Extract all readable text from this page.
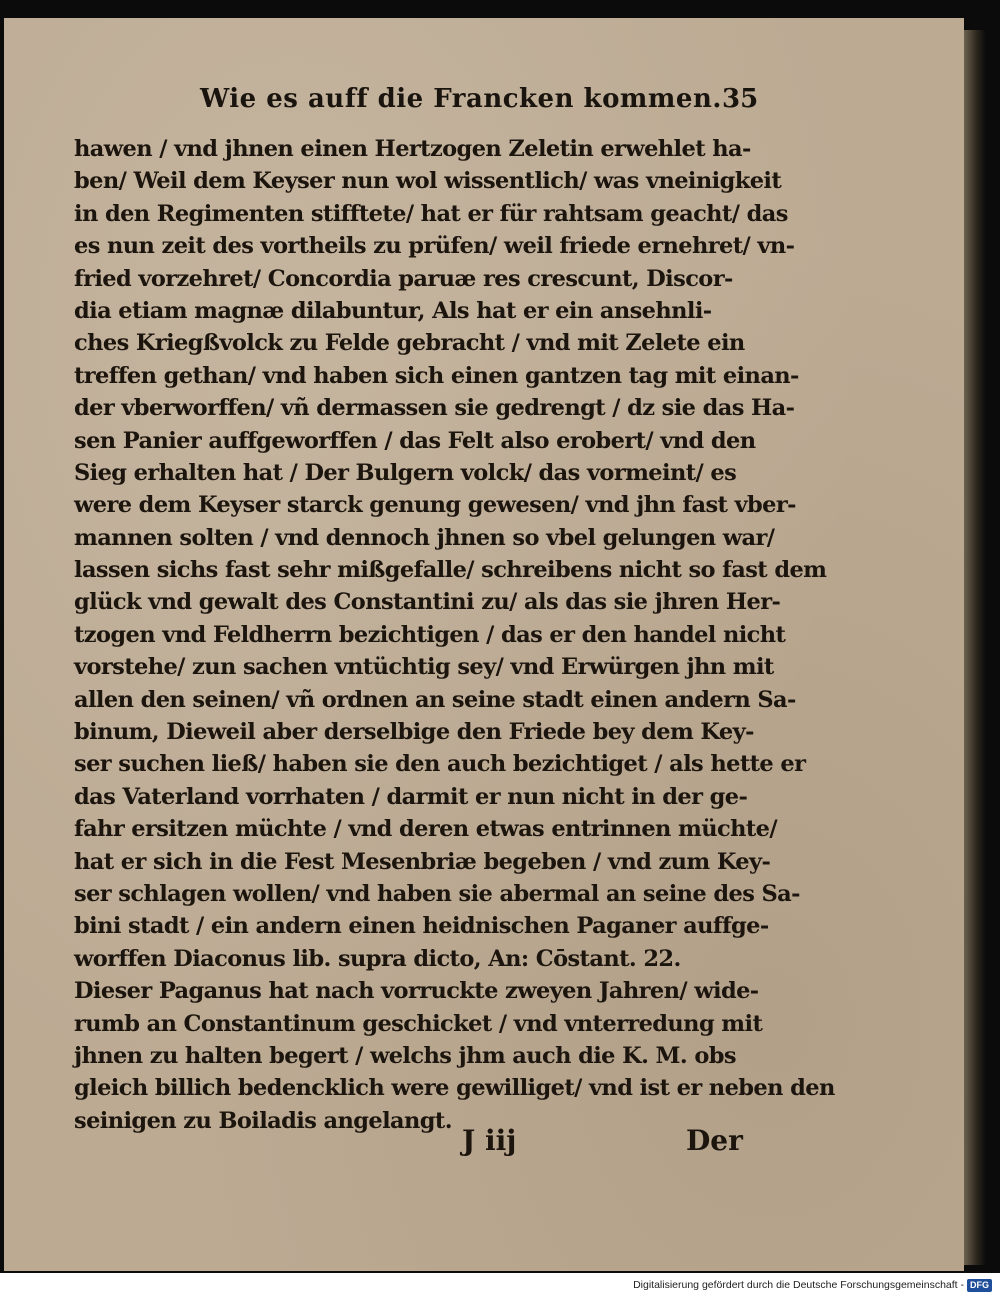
Wie es auff die Francken kommen. 35
hawen / vnd jhnen einen Hertzogen Zeletin erwehlet ha-
ben/ Weil dem Keyser nun wol wissentlich/ was vneinigkeit
in den Regimenten stifftete/ hat er für rahtsam geacht/ das
es nun zeit des vortheils zu prüfen/ weil friede ernehret/ vn-
fried vorzehret/ Concordia paruæ res crescunt, Discor-
dia etiam magnæ dilabuntur, Als hat er ein ansehnli-
ches Kriegßvolck zu Felde gebracht / vnd mit Zelete ein
treffen gethan/ vnd haben sich einen gantzen tag mit einan-
der vberworffen/ vñ dermassen sie gedrengt / dz sie das Ha-
sen Panier auffgeworffen / das Felt also erobert/ vnd den
Sieg erhalten hat / Der Bulgern volck/ das vormeint/ es
were dem Keyser starck genung gewesen/ vnd jhn fast vber-
mannen solten / vnd dennoch jhnen so vbel gelungen war/
lassen sichs fast sehr mißgefalle/ schreibens nicht so fast dem
glück vnd gewalt des Constantini zu/ als das sie jhren Her-
tzogen vnd Feldherrn bezichtigen / das er den handel nicht
vorstehe/ zun sachen vntüchtig sey/ vnd Erwürgen jhn mit
allen den seinen/ vñ ordnen an seine stadt einen andern Sa-
binum, Dieweil aber derselbige den Friede bey dem Key-
ser suchen ließ/ haben sie den auch bezichtiget / als hette er
das Vaterland vorrhaten / darmit er nun nicht in der ge-
fahr ersitzen müchte / vnd deren etwas entrinnen müchte/
hat er sich in die Fest Mesenbriæ begeben / vnd zum Key-
ser schlagen wollen/ vnd haben sie abermal an seine des Sa-
bini stadt / ein andern einen heidnischen Paganer auffge-
worffen Diaconus lib. supra dicto, An: Cōstant. 22.
Dieser Paganus hat nach vorruckte zweyen Jahren/ wide-
rumb an Constantinum geschicket / vnd vnterredung mit
jhnen zu halten begert / welchs jhm auch die K. M. obs
gleich billich bedencklich were gewilliget/ vnd ist er neben den
seinigen zu Boiladis angelangt.
J iij	Der
Digitalisierung gefördert durch die Deutsche Forschungsgemeinschaft - DFG
